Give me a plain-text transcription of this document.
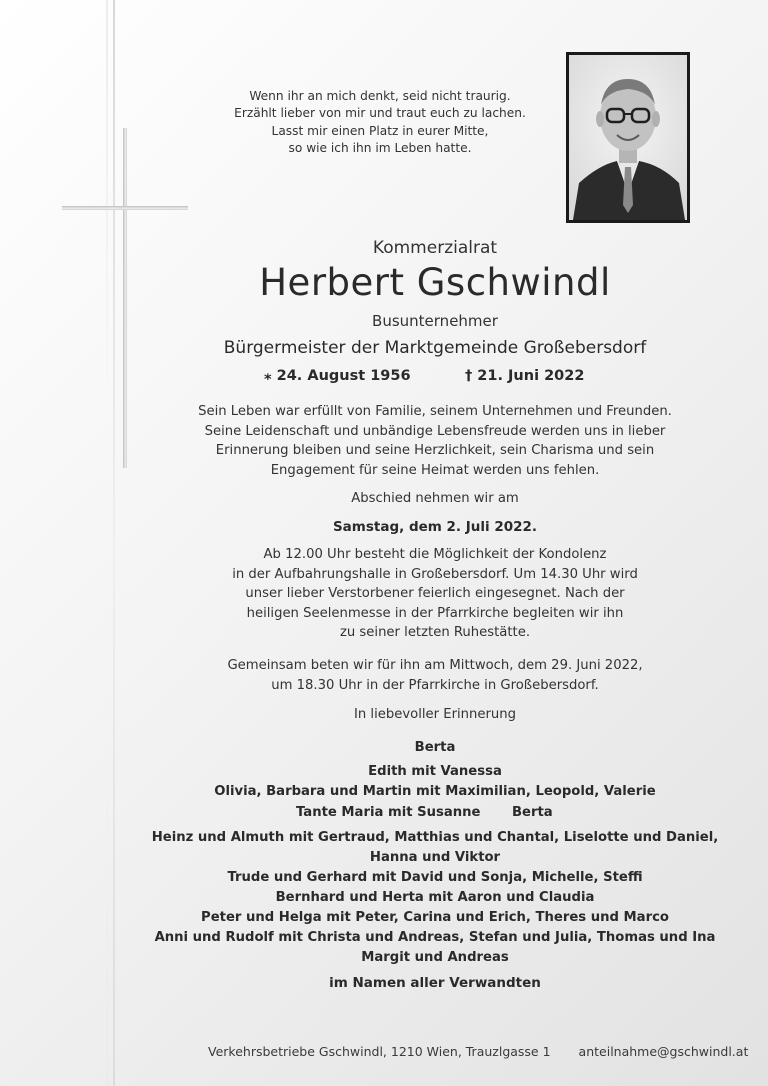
Wenn ihr an mich denkt, seid nicht traurig.
Erzählt lieber von mir und traut euch zu lachen.
Lasst mir einen Platz in eurer Mitte,
so wie ich ihn im Leben hatte.
Kommerzialrat
Herbert Gschwindl
Busunternehmer
Bürgermeister der Marktgemeinde Großebersdorf
⁎ 24. August 1956	† 21. Juni 2022
Sein Leben war erfüllt von Familie, seinem Unternehmen und Freunden.
Seine Leidenschaft und unbändige Lebensfreude werden uns in lieber
Erinnerung bleiben und seine Herzlichkeit, sein Charisma und sein
Engagement für seine Heimat werden uns fehlen.
Abschied nehmen wir am
Samstag, dem 2. Juli 2022.
Ab 12.00 Uhr besteht die Möglichkeit der Kondolenz
in der Aufbahrungshalle in Großebersdorf. Um 14.30 Uhr wird
unser lieber Verstorbener feierlich eingesegnet. Nach der
heiligen Seelenmesse in der Pfarrkirche begleiten wir ihn
zu seiner letzten Ruhestätte.
Gemeinsam beten wir für ihn am Mittwoch, dem 29. Juni 2022,
um 18.30 Uhr in der Pfarrkirche in Großebersdorf.
In liebevoller Erinnerung
Berta
Edith mit Vanessa
Olivia, Barbara und Martin mit Maximilian, Leopold, Valerie
Tante Maria mit Susanne Berta
Heinz und Almuth mit Gertraud, Matthias und Chantal, Liselotte und Daniel,
Hanna und Viktor
Trude und Gerhard mit David und Sonja, Michelle, Steffi
Bernhard und Herta mit Aaron und Claudia
Peter und Helga mit Peter, Carina und Erich, Theres und Marco
Anni und Rudolf mit Christa und Andreas, Stefan und Julia, Thomas und Ina
Margit und Andreas
im Namen aller Verwandten
Verkehrsbetriebe Gschwindl, 1210 Wien, Trauzlgasse 1 anteilnahme@gschwindl.at
